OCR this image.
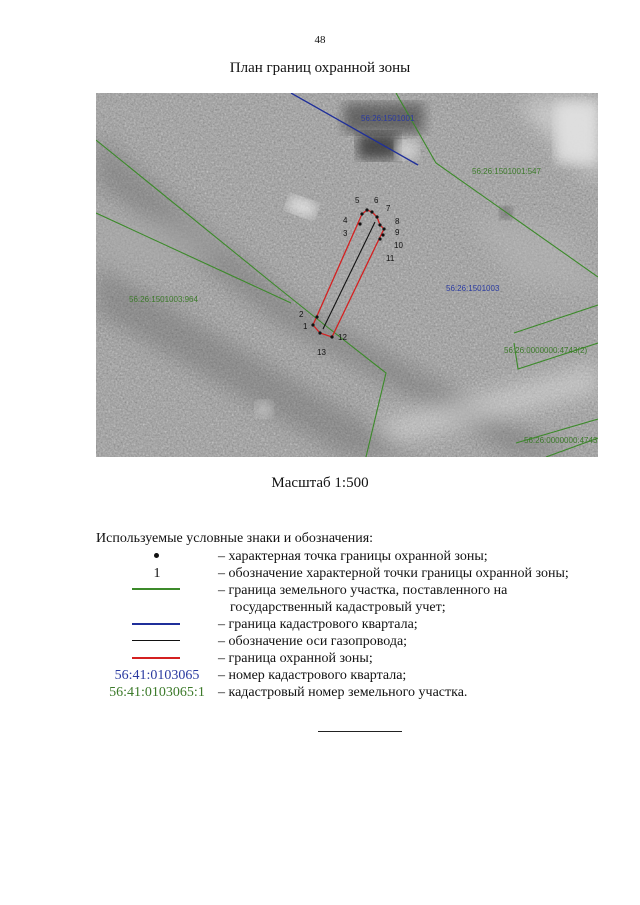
48
План границ охранной зоны
56:26:1501001
56:26:1501001:547
56:26:1501003
56:26:1501003:964
56:26:0000000:4743(2)
56:26:0000000:4743
1
2
3
4
5 6
7
8
9
10
11
12
13
Масштаб 1:500
Используемые условные знаки и обозначения:
– характерная точка границы охранной зоны;
1	– обозначение характерной точки границы охранной зоны;
– граница земельного участка, поставленного на
государственный кадастровый учет;
– граница кадастрового квартала;
– обозначение оси газопровода;
– граница охранной зоны;
56:41:0103065	– номер кадастрового квартала;
56:41:0103065:1 – кадастровый номер земельного участка.
